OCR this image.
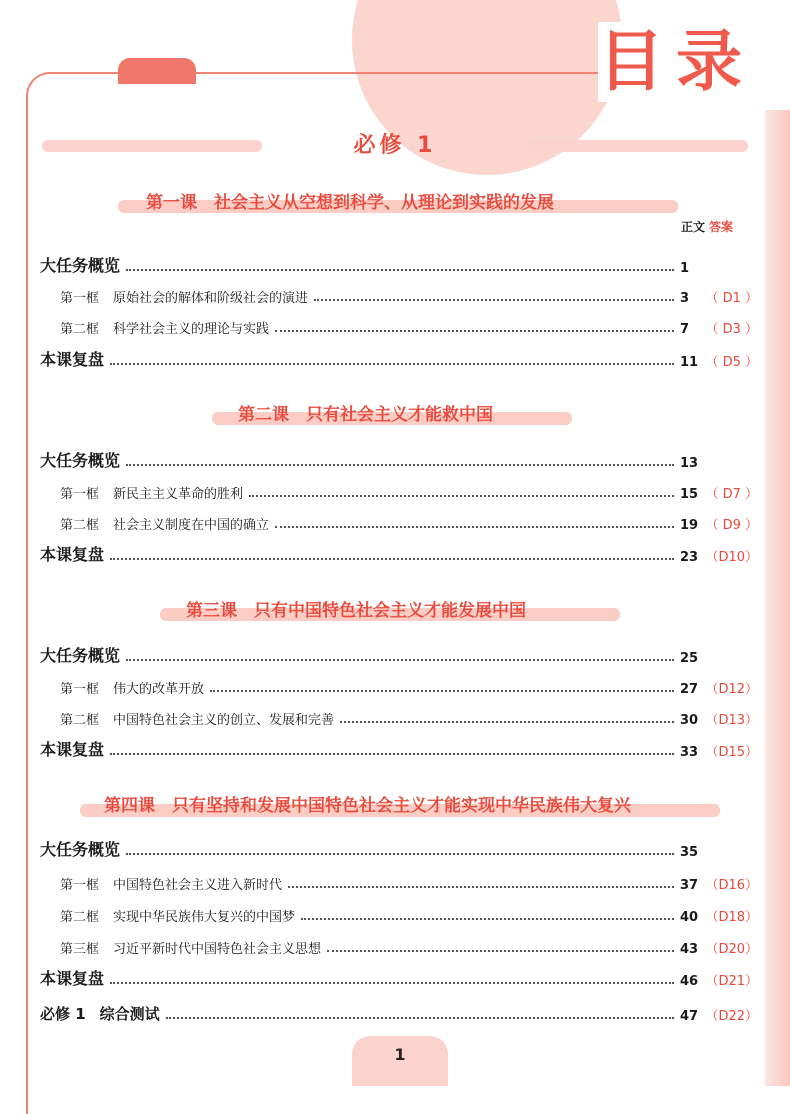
目录
必修 1
正文 答案
第一课　社会主义从空想到科学、从理论到实践的发展
大任务概览	1
第一框 原始社会的解体和阶级社会的演进	3	（ D1 ）
第二框 科学社会主义的理论与实践	7	（ D3 ）
本课复盘	11 （ D5 ）
第二课　只有社会主义才能救中国
大任务概览	13
第一框 新民主主义革命的胜利	15 （ D7 ）
第二框 社会主义制度在中国的确立	19 （ D9 ）
本课复盘	23 （D10）
第三课　只有中国特色社会主义才能发展中国
大任务概览	25
第一框 伟大的改革开放	27 （D12）
第二框 中国特色社会主义的创立、发展和完善	30 （D13）
本课复盘	33 （D15）
第四课　只有坚持和发展中国特色社会主义才能实现中华民族伟大复兴
大任务概览	35
第一框 中国特色社会主义进入新时代	37 （D16）
第二框 实现中华民族伟大复兴的中国梦	40 （D18）
第三框 习近平新时代中国特色社会主义思想	43 （D20）
本课复盘	46 （D21）
必修 1 综合测试	47 （D22）
1
